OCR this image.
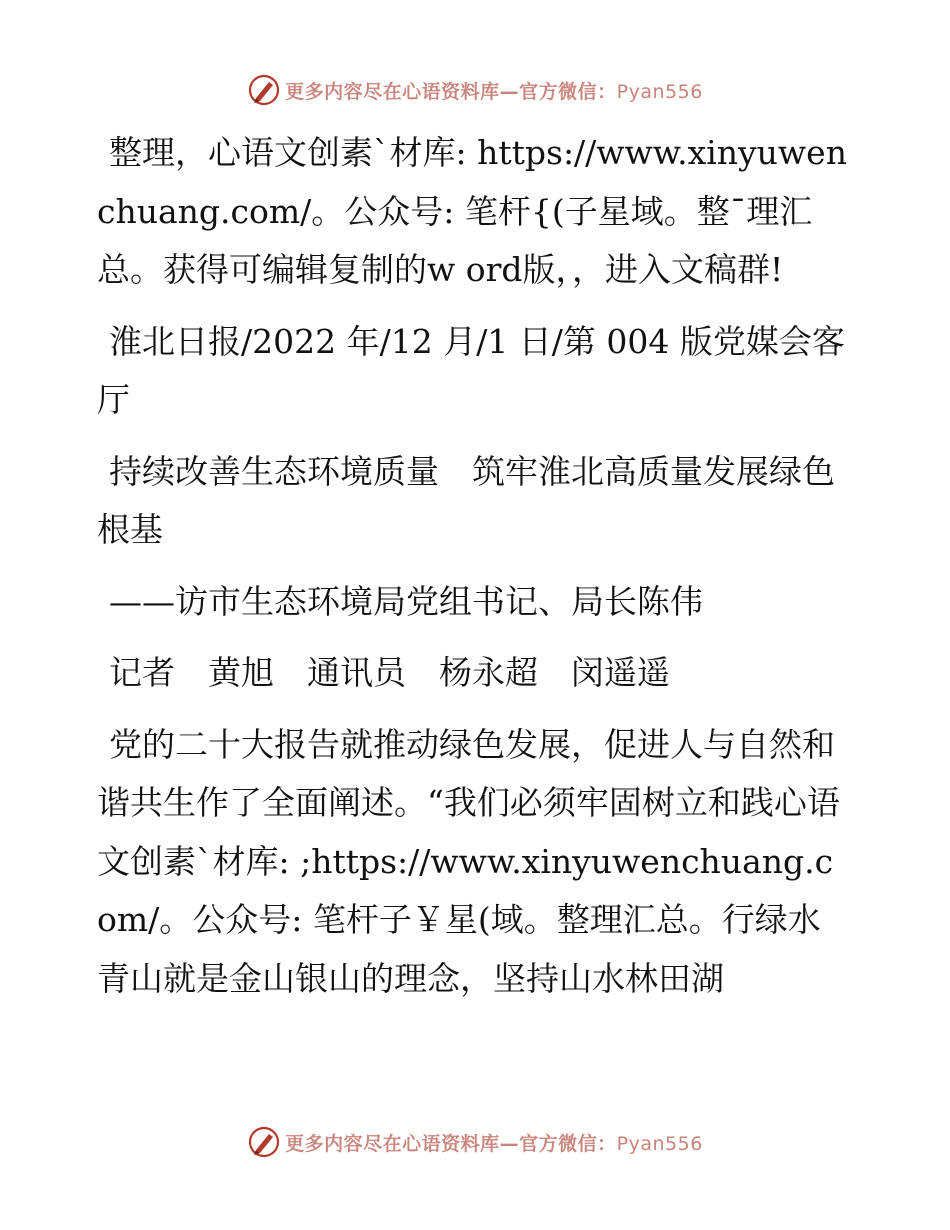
更多内容尽在心语资料库—官方微信：Pyan556

整理，心语文创素`材库: https://www.xinyuwenchuang.com/。公众号: 笔杆{(子星域。整¯理汇总。获得可编辑复制的w ord版，，进入文稿群!

淮北日报/2022 年/12 月/1 日/第 004 版党媒会客厅

持续改善生态环境质量　筑牢淮北高质量发展绿色根基

——访市生态环境局党组书记、局长陈伟

记者　黄旭　通讯员　杨永超　闵遥遥

党的二十大报告就推动绿色发展，促进人与自然和谐共生作了全面阐述。“我们必须牢固树立和践心语文创素`材库: ;https://www.xinyuwenchuang.com/。公众号: 笔杆子￥星(域。整理汇总。行绿水青山就是金山银山的理念，坚持山水林田湖

更多内容尽在心语资料库—官方微信：Pyan556
